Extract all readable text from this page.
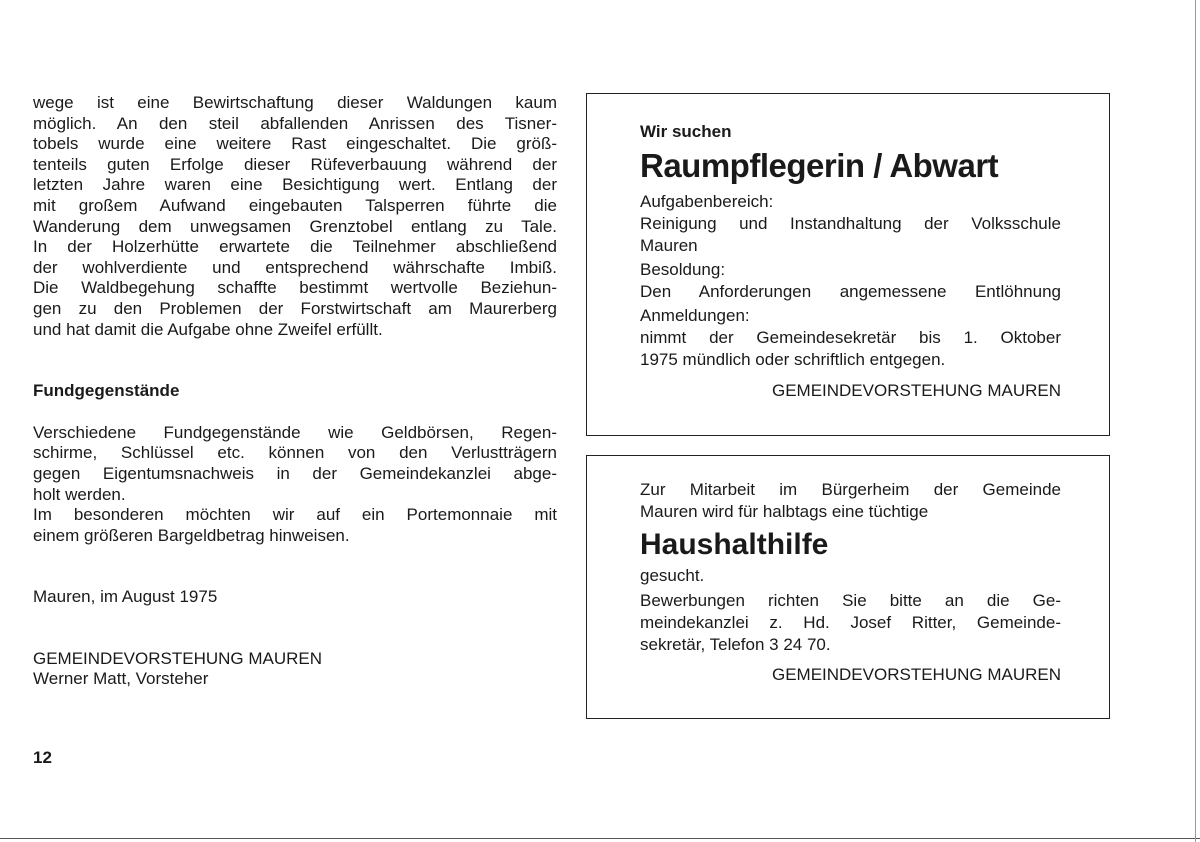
wege ist eine Bewirtschaftung dieser Waldungen kaum
möglich. An den steil abfallenden Anrissen des Tisner-
tobels wurde eine weitere Rast eingeschaltet. Die größ-
tenteils guten Erfolge dieser Rüfeverbauung während der
letzten Jahre waren eine Besichtigung wert. Entlang der
mit großem Aufwand eingebauten Talsperren führte die
Wanderung dem unwegsamen Grenztobel entlang zu Tale.
In der Holzerhütte erwartete die Teilnehmer abschließend
der wohlverdiente und entsprechend währschafte Imbiß.
Die Waldbegehung schaffte bestimmt wertvolle Beziehun-
gen zu den Problemen der Forstwirtschaft am Maurerberg
und hat damit die Aufgabe ohne Zweifel erfüllt.

Fundgegenstände

Verschiedene Fundgegenstände wie Geldbörsen, Regen-
schirme, Schlüssel etc. können von den Verlustträgern
gegen Eigentumsnachweis in der Gemeindekanzlei abge-
holt werden.
Im besonderen möchten wir auf ein Portemonnaie mit
einem größeren Bargeldbetrag hinweisen.

Mauren, im August 1975

GEMEINDEVORSTEHUNG MAUREN

Werner Matt, Vorsteher

12

Wir suchen

Raumpflegerin / Abwart

Aufgabenbereich:

Reinigung und Instandhaltung der Volksschule
Mauren

Besoldung:

Den Anforderungen angemessene Entlöhnung

Anmeldungen:

nimmt der Gemeindesekretär bis 1. Oktober
1975 mündlich oder schriftlich entgegen.

GEMEINDEVORSTEHUNG MAUREN

Zur Mitarbeit im Bürgerheim der Gemeinde
Mauren wird für halbtags eine tüchtige

Haushalthilfe

gesucht.

Bewerbungen richten Sie bitte an die Ge-
meindekanzlei z. Hd. Josef Ritter, Gemeinde-
sekretär, Telefon 3 24 70.

GEMEINDEVORSTEHUNG MAUREN
